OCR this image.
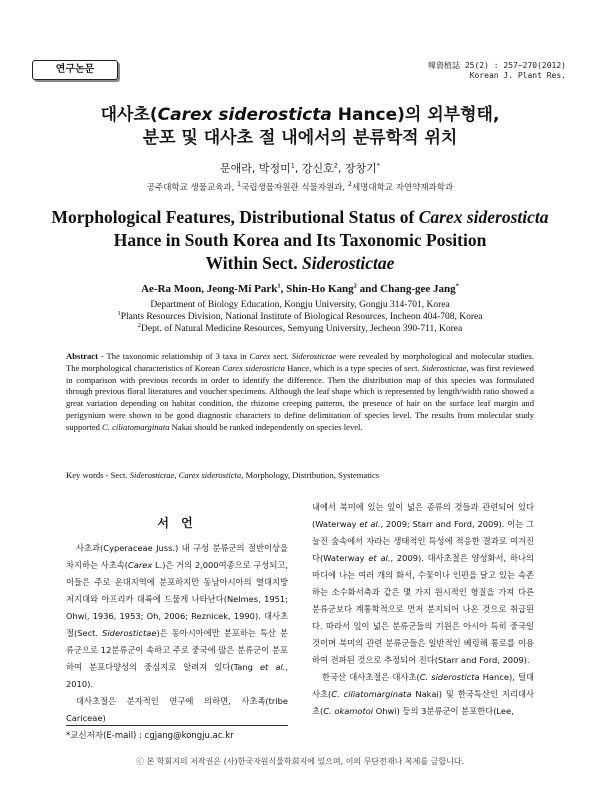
연구논문	韓資植誌 25(2) : 257~270(2012)
Korean J. Plant Res.
대사초(Carex siderosticta Hance)의 외부형태,
분포 및 대사초 절 내에서의 분류학적 위치
문애라, 박정미$^1$, 강신호$^2$, 장창기*
공주대학교 생물교육과, $^1$국립생물자원관 식물자원과, $^2$세명대학교 자연약재과학과
Morphological Features, Distributional Status of Carex siderosticta
Hance in South Korea and Its Taxonomic Position
Within Sect. Siderostictae
Ae-Ra Moon, Jeong-Mi Park$^1$, Shin-Ho Kang$^2$ and Chang-gee Jang*
Department of Biology Education, Kongju University, Gongju 314-701, Korea
$^1$Plants Resources Division, National Institute of Biological Resources, Incheon 404-708, Korea
$^2$Dept. of Natural Medicine Resources, Semyung University, Jecheon 390-711, Korea
Abstract - The taxonomic relationship of 3 taxa in Carex sect. Siderostictae were revealed by morphological and molecular studies. The morphological characteristics of Korean Carex siderosticta Hance, which is a type species of sect. Siderostictae, was first reviewed in comparison with previous records in order to identify the difference. Then the distribution map of this species was formulated through previous floral literatures and voucher specimens. Although the leaf shape which is represented by length/width ratio showed a great variation depending on habitat condition, the rhizome creeping patterns, the presence of hair on the surface leaf margin and perigynium were shown to be good diagnostic characters to define delimitation of species level. The results from molecular study supported C. ciliatomarginata Nakai should be ranked independently on species level.
Key words - Sect. Siderostictae, Carex siderosticta, Morphology, Distribution, Systematics
서 언

사초과(Cyperaceae Juss.) 내 구성 분류군의 절반이상을 차지하는 사초속(Carex L.)은 거의 2,000여종으로 구성되고, 이들은 주로 온대지역에 분포하지만 동남아시아의 열대지방 저지대와 아프리카 대륙에 드물게 나타난다(Nelmes, 1951; Ohwi, 1936, 1953; Oh, 2006; Reznicek, 1990). 대사초절(Sect. Siderostictae)은 동아시아에만 분포하는 특산 분류군으로 12분류군이 속하고 주로 중국에 많은 분류군이 분포하여 분포다양성의 중심지로 알려져 있다(Tang et al., 2010).

대사초절은 분자적인 연구에 의하면, 사초족(tribe Cariceae)

내에서 북미에 있는 잎이 넓은 종류의 것들과 관련되어 있다(Waterway et al., 2009; Starr and Ford, 2009). 이는 그늘진 숲속에서 자라는 생태적인 특성에 적응한 결과로 여겨진다(Waterway et al., 2009). 대사초절은 양성화서, 하나의 마디에 나는 여러 개의 화서, 수꽃이나 인편을 달고 있는 속존하는 소수화서축과 같은 몇 가지 원시적인 형질을 가져 다른 분류군보다 계통학적으로 먼저 분지되어 나온 것으로 취급된다. 따라서 잎이 넓은 분류군들의 기원은 아시아 특히 중국일 것이며 북미의 관련 분류군들은 일반적인 베링해 통로를 이용하여 전파된 것으로 추정되어 진다(Starr and Ford, 2009).

한국산 대사초절은 대사초(C. siderosticta Hance), 털대사초(C. ciliatomarginata Nakai) 및 한국특산인 지리대사초(C. okamotoi Ohwi) 등의 3분류군이 분포한다(Lee,

*교신저자(E-mail) : cgjang@kongju.ac.kr
ⓒ 본 학회지의 저작권은 (사)한국자원식물학회지에 있으며, 이의 무단전재나 복제를 금합니다.
